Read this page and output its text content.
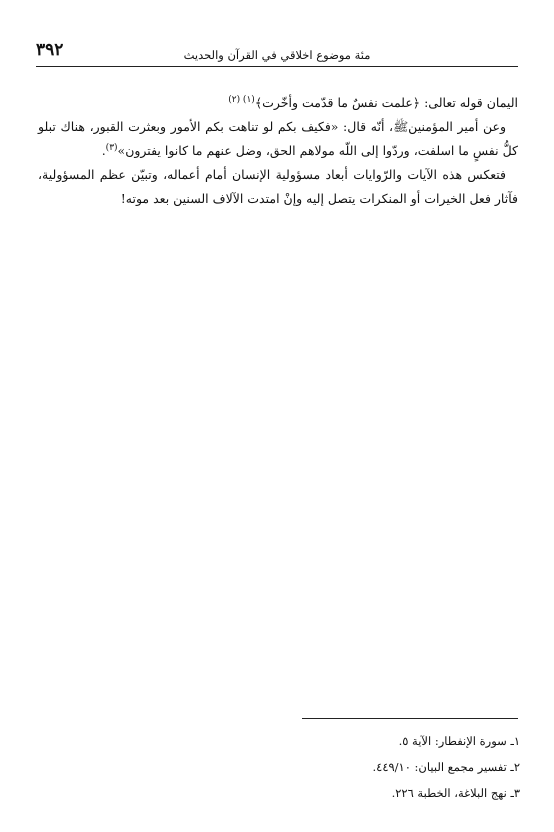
٣٩٢	مئة موضوع اخلاقي في القرآن والحديث

اليمان قوله تعالى: ﴿علمت نفسٌ ما قدّمت وأخّرت﴾$^{(١) (٢)}$

وعن أمير المؤمنينﷺ، أنّه قال: «فكيف بكم لو تناهت بكم الأمور وبعثرت القبور، هناك تبلو كلُّ نفسٍ ما اسلفت، وردّوا إلى اللّه مولاهم الحق، وضل عنهم ما كانوا يفترون»$^{(٣)}$.

فتعكس هذه الآيات والرّوايات أبعاد مسؤولية الإنسان أمام أعماله، وتبيّن عظم المسؤولية، فآثار فعل الخيرات أو المنكرات يتصل إليه وإنْ امتدت الآلاف السنين بعد موته!

١ـ سورة الإنفطار: الآية ٥.
٢ـ تفسير مجمع البيان: ٤٤٩/١٠.
٣ـ نهج البلاغة، الخطبة ٢٢٦.
